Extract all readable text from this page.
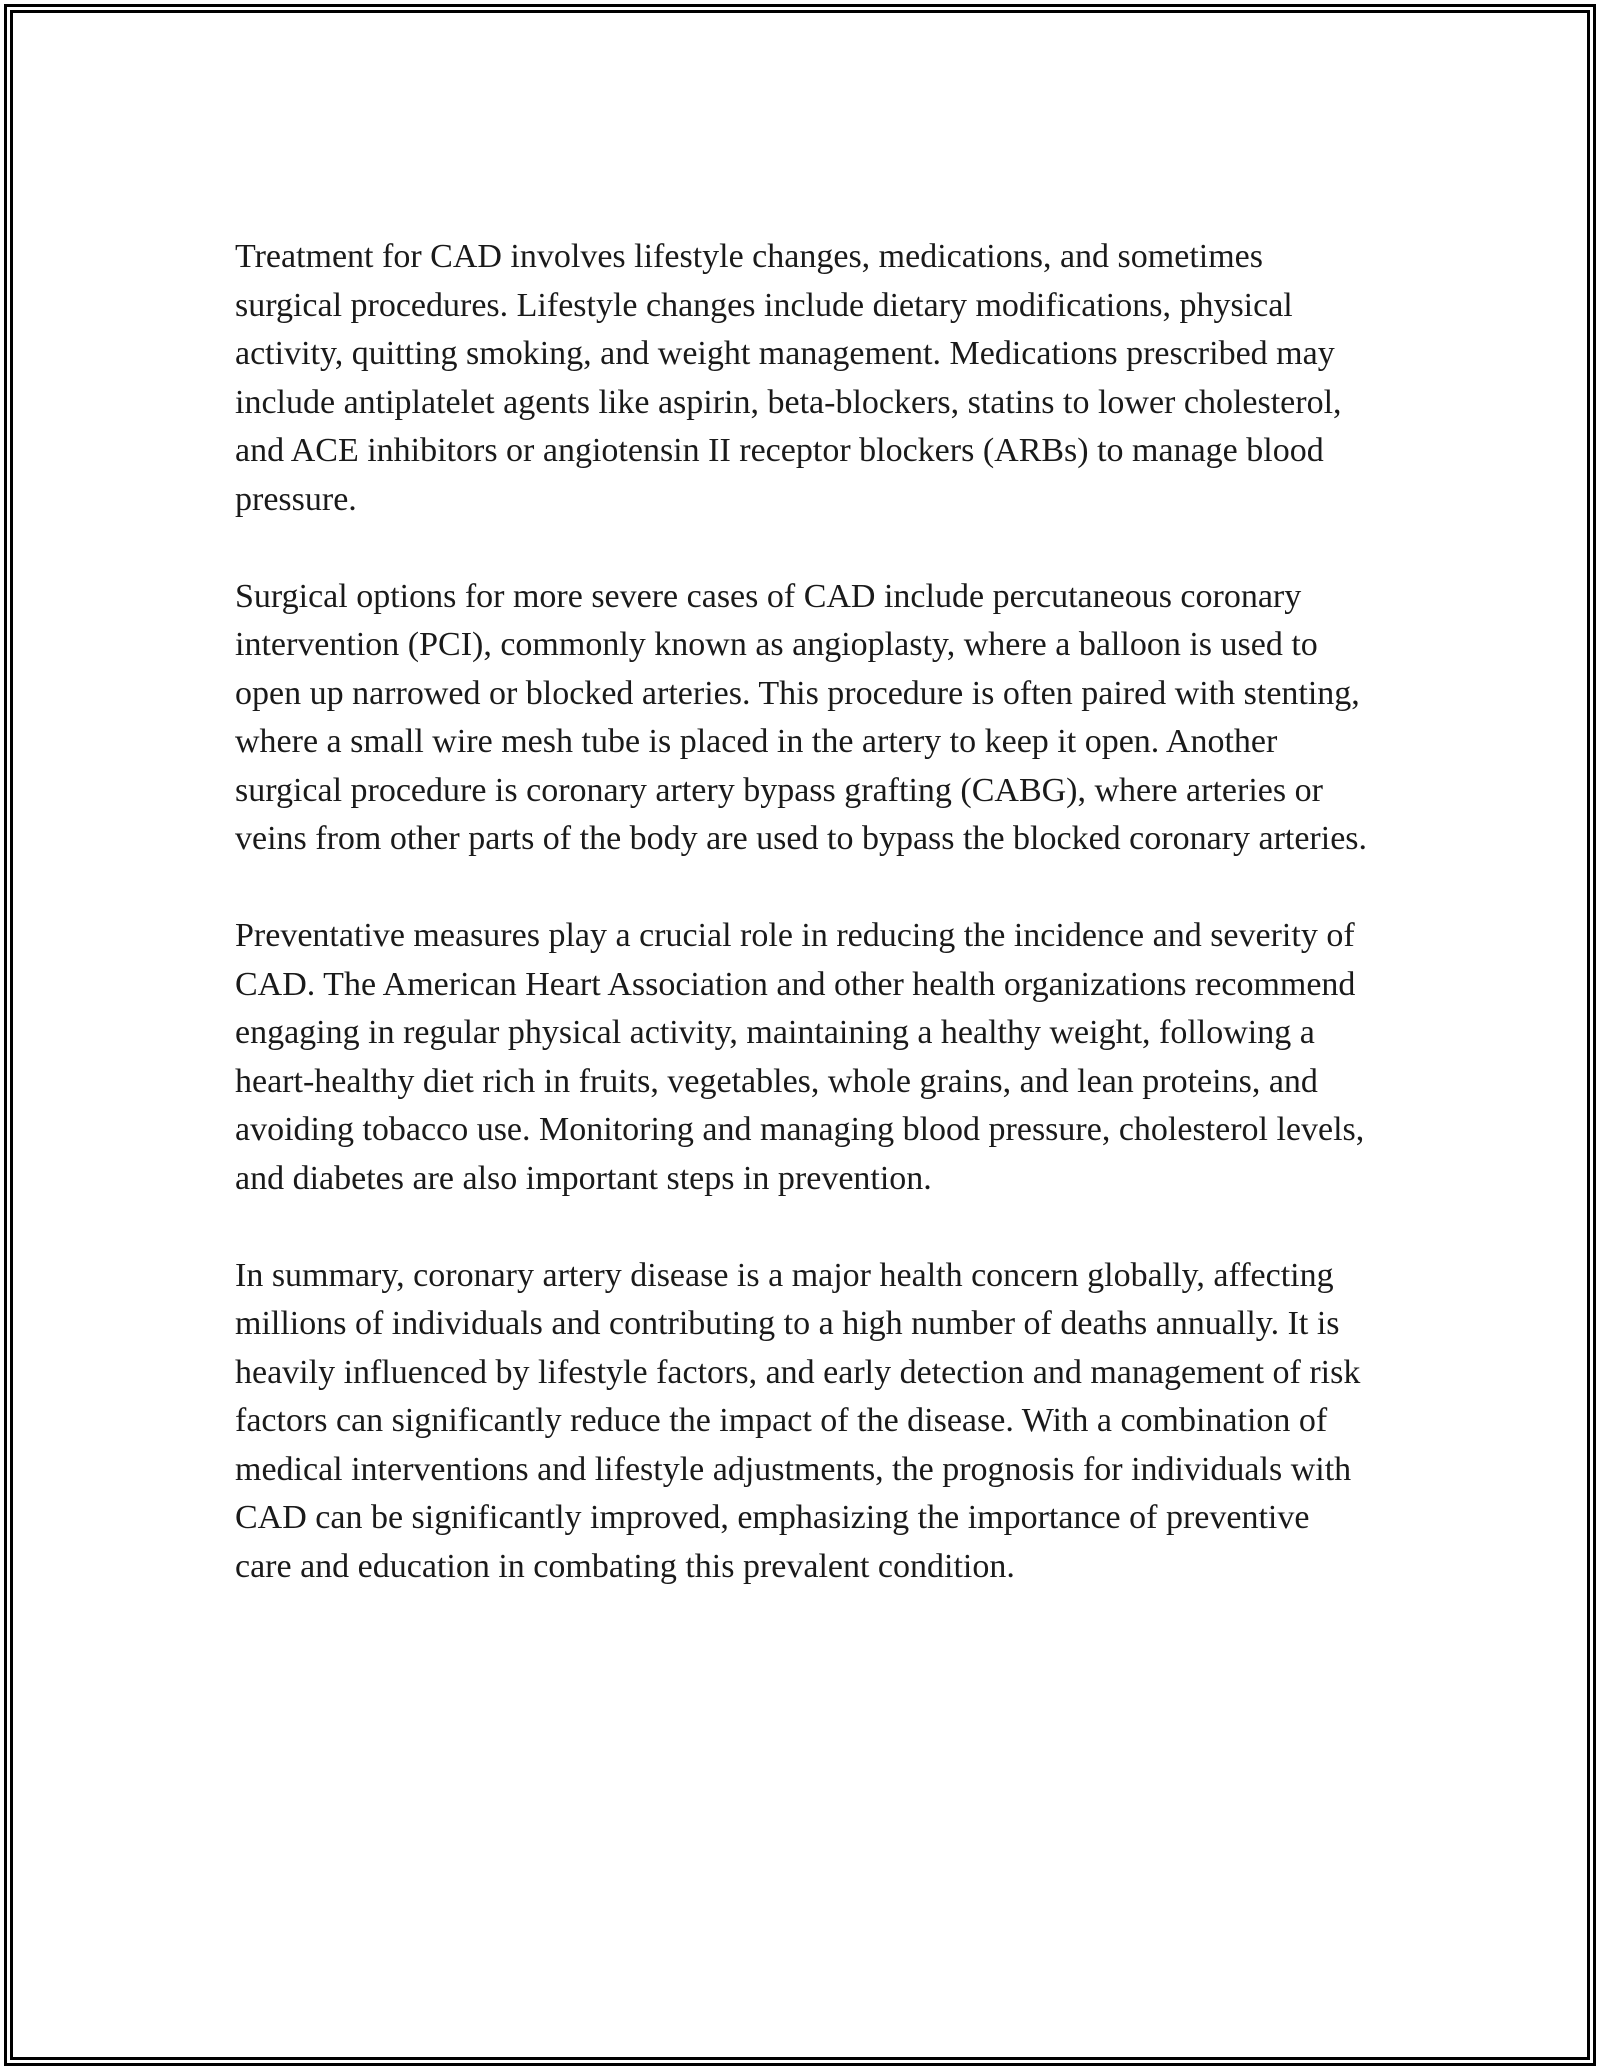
Treatment for CAD involves lifestyle changes, medications, and sometimes surgical procedures. Lifestyle changes include dietary modifications, physical activity, quitting smoking, and weight management. Medications prescribed may include antiplatelet agents like aspirin, beta-blockers, statins to lower cholesterol, and ACE inhibitors or angiotensin II receptor blockers (ARBs) to manage blood pressure.

Surgical options for more severe cases of CAD include percutaneous coronary intervention (PCI), commonly known as angioplasty, where a balloon is used to open up narrowed or blocked arteries. This procedure is often paired with stenting, where a small wire mesh tube is placed in the artery to keep it open. Another surgical procedure is coronary artery bypass grafting (CABG), where arteries or veins from other parts of the body are used to bypass the blocked coronary arteries.

Preventative measures play a crucial role in reducing the incidence and severity of CAD. The American Heart Association and other health organizations recommend engaging in regular physical activity, maintaining a healthy weight, following a heart-healthy diet rich in fruits, vegetables, whole grains, and lean proteins, and avoiding tobacco use. Monitoring and managing blood pressure, cholesterol levels, and diabetes are also important steps in prevention.

In summary, coronary artery disease is a major health concern globally, affecting millions of individuals and contributing to a high number of deaths annually. It is heavily influenced by lifestyle factors, and early detection and management of risk factors can significantly reduce the impact of the disease. With a combination of medical interventions and lifestyle adjustments, the prognosis for individuals with CAD can be significantly improved, emphasizing the importance of preventive care and education in combating this prevalent condition.
